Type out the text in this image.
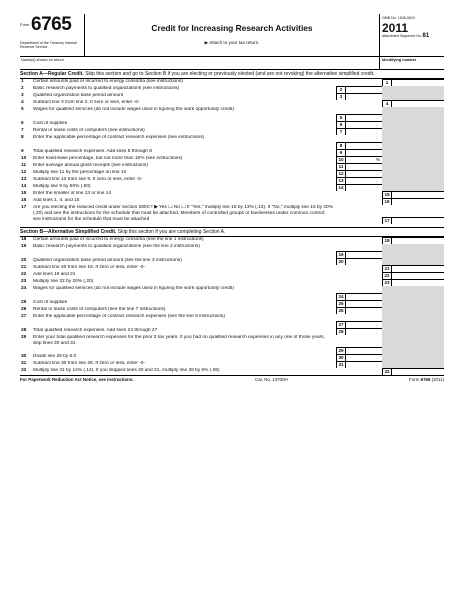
Form 6765
Department of the Treasury Internal Revenue Service
Credit for Increasing Research Activities
▶ Attach to your tax return.
OMB No. 1545-0619
2011
Attachment Sequence No. 81
Name(s) shown on return	Identifying number
Section A—Regular Credit. Skip this section and go to Section B if you are electing or previously elected (and are not revoking) the alternative simplified credit.
1	Certain amounts paid or incurred to energy consortia (see instructions)	1
2	Basic research payments to qualified organizations (see instructions)	2
3	Qualified organization base period amount	3
4	Subtract line 3 from line 2. If zero or less, enter -0-	4
5	Wages for qualified services (do not include wages used in figuring the work opportunity credit)
5
6	Cost of supplies	6
7	Rental or lease costs of computers (see instructions)	7
8	Enter the applicable percentage of contract research expenses (see instructions)
8
9	Total qualified research expenses. Add lines 5 through 8	9
10	Enter fixed-base percentage, but not more than 16% (see instructions)	10	%
11	Enter average annual gross receipts (see instructions)	11
12	Multiply line 11 by the percentage on line 10	12
13	Subtract line 12 from line 9. If zero or less, enter -0-	13
14	Multiply line 9 by 50% (.50)	14
15	Enter the smaller of line 13 or line 14	15
16	Add lines 1, 4, and 15	16
17	Are you electing the reduced credit under section 280C? ▶ Yes ☐ No ☐ If "Yes," multiply line 16 by 13% (.13). If "No," multiply line 16 by 20% (.20) and see the instructions for the schedule that must be attached. Members of controlled groups or businesses under common control: see instructions for the schedule that must be attached	17
Section B—Alternative Simplified Credit. Skip this section if you are completing Section A.
18	Certain amounts paid or incurred to energy consortia (see the line 1 instructions)	18
19	Basic research payments to qualified organizations (see the line 2 instructions)
19
20	Qualified organization base period amount (see the line 3 instructions)	20
21	Subtract line 20 from line 19. If zero or less, enter -0-	21
22	Add lines 18 and 21	22
23	Multiply line 22 by 20% (.20)	23
24	Wages for qualified services (do not include wages used in figuring the work opportunity credit)
24
25	Cost of supplies	25
26	Rental or lease costs of computers (see the line 7 instructions)	26
27	Enter the applicable percentage of contract research expenses (see the line 8 instructions)
27
28	Total qualified research expenses. Add lines 24 through 27	28
29	Enter your total qualified research expenses for the prior 3 tax years. If you had no qualified research expenses in any one of those years, skip lines 30 and 31
29
30	Divide line 29 by 6.0	30
31	Subtract line 30 from line 28. If zero or less, enter -0-	31
32	Multiply line 31 by 14% (.14). If you skipped lines 30 and 31, multiply line 28 by 6% (.06)	32
For Paperwork Reduction Act Notice, see instructions.	Cat. No. 13700H	Form 6765 (2011)
